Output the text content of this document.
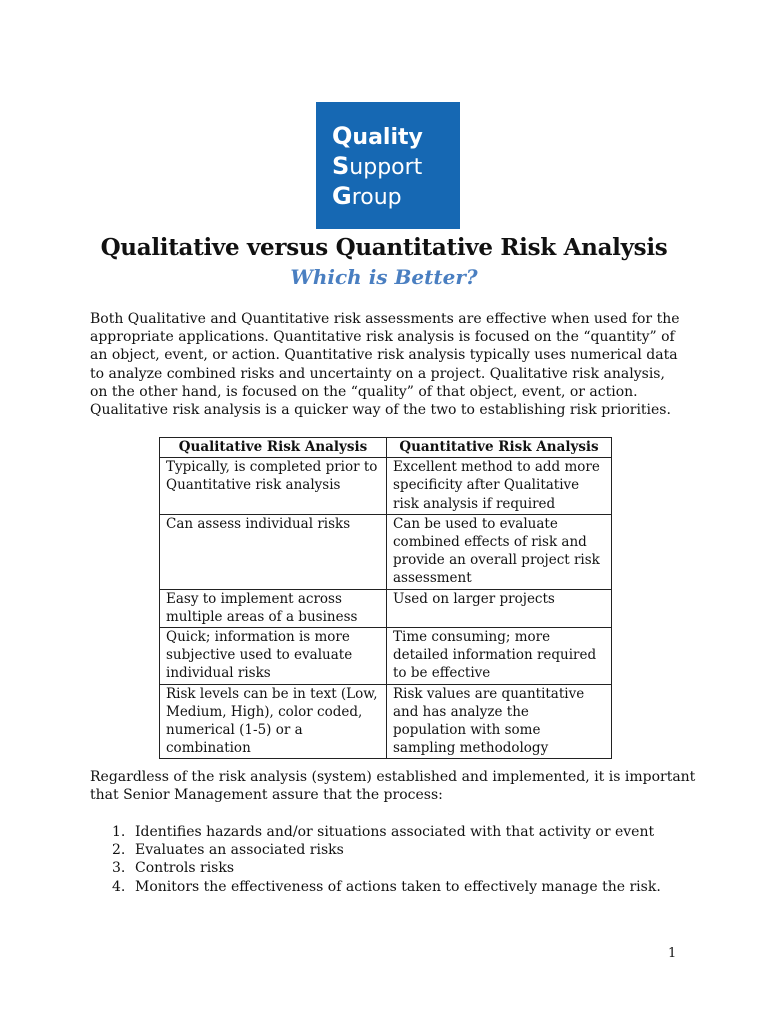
Quality
Support
Group
Qualitative versus Quantitative Risk Analysis
Which is Better?

Both Qualitative and Quantitative risk assessments are effective when used for the appropriate applications. Quantitative risk analysis is focused on the “quantity” of an object, event, or action. Quantitative risk analysis typically uses numerical data to analyze combined risks and uncertainty on a project. Qualitative risk analysis, on the other hand, is focused on the “quality” of that object, event, or action. Qualitative risk analysis is a quicker way of the two to establishing risk priorities.

Qualitative Risk Analysis	Quantitative Risk Analysis
Typically, is completed prior to Quantitative risk analysis	Excellent method to add more specificity after Qualitative risk analysis if required
Can assess individual risks	Can be used to evaluate combined effects of risk and provide an overall project risk assessment
Easy to implement across multiple areas of a business	Used on larger projects
Quick; information is more subjective used to evaluate individual risks	Time consuming; more detailed information required to be effective
Risk levels can be in text (Low, Medium, High), color coded, numerical (1-5) or a combination	Risk values are quantitative and has analyze the population with some sampling methodology

Regardless of the risk analysis (system) established and implemented, it is important that Senior Management assure that the process:

1. Identifies hazards and/or situations associated with that activity or event
2. Evaluates an associated risks
3. Controls risks
4. Monitors the effectiveness of actions taken to effectively manage the risk.
1
